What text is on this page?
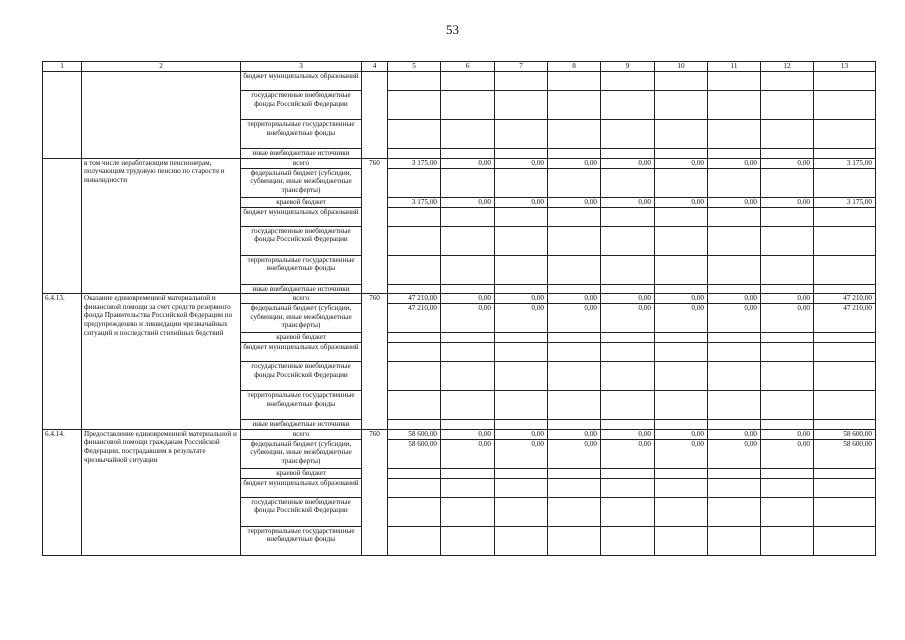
53
1	2	3	4	5	6	7	8	9	10	11	12	13
		бюджет муниципальных образований										
		государственные внебюджетные фонды Российской Федерации										
		территориальные государственные внебюджетные фонды										
		иные внебюджетные источники										
	в том числе неработающим пенсионерам, получающим трудовую пенсию по старости и инвалидности	всего	760	3 175,00	0,00	0,00	0,00	0,00	0,00	0,00	0,00	3 175,00
		федеральный бюджет (субсидии, субвенции, иные межбюджетные трансферты)										
		краевой бюджет		3 175,00	0,00	0,00	0,00	0,00	0,00	0,00	0,00	3 175,00
		бюджет муниципальных образований										
		государственные внебюджетные фонды Российской Федерации										
		территориальные государственные внебюджетные фонды										
		иные внебюджетные источники										
6.4.13.	Оказание единовременной материальной и финансовой помощи за счет средств резервного фонда Правительства Российской Федерации по предупреждению и ликвидации чрезвычайных ситуаций и последствий стихийных бедствий	всего	760	47 210,00	0,00	0,00	0,00	0,00	0,00	0,00	0,00	47 210,00
		федеральный бюджет (субсидии, субвенции, иные межбюджетные трансферты)		47 210,00	0,00	0,00	0,00	0,00	0,00	0,00	0,00	47 210,00
		краевой бюджет										
		бюджет муниципальных образований										
		государственные внебюджетные фонды Российской Федерации										
		территориальные государственные внебюджетные фонды										
		иные внебюджетные источники										
6.4.14.	Предоставление единовременной материальной и финансовой помощи гражданам Российской Федерации, пострадавшим в результате чрезвычайной ситуации	всего	760	58 600,00	0,00	0,00	0,00	0,00	0,00	0,00	0,00	58 600,00
		федеральный бюджет (субсидии, субвенции, иные межбюджетные трансферты)		58 600,00	0,00	0,00	0,00	0,00	0,00	0,00	0,00	58 600,00
		краевой бюджет										
		бюджет муниципальных образований										
		государственные внебюджетные фонды Российской Федерации										
		территориальные государственные внебюджетные фонды										
